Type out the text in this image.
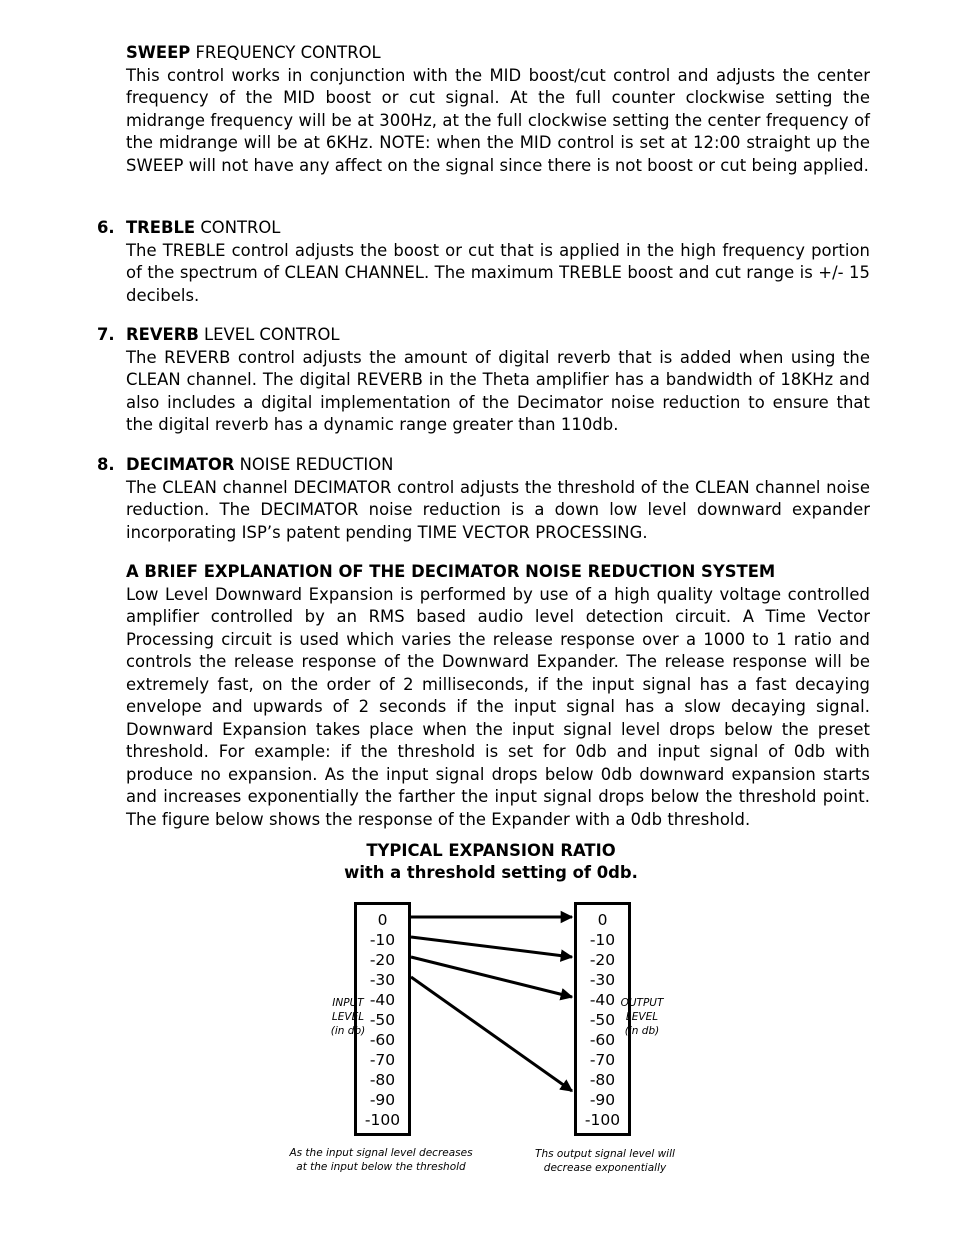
SWEEP FREQUENCY CONTROL
This control works in conjunction with the MID boost/cut control and adjusts the center frequency of the MID boost or cut signal. At the full counter clockwise setting the midrange frequency will be at 300Hz, at the full clockwise setting the center frequency of the midrange will be at 6KHz. NOTE: when the MID control is set at 12:00 straight up the SWEEP will not have any affect on the signal since there is not boost or cut being applied.
6. TREBLE CONTROL
The TREBLE control adjusts the boost or cut that is applied in the high frequency portion of the spectrum of CLEAN CHANNEL. The maximum TREBLE boost and cut range is +/- 15 decibels.
7. REVERB LEVEL CONTROL
The REVERB control adjusts the amount of digital reverb that is added when using the CLEAN channel. The digital REVERB in the Theta amplifier has a bandwidth of 18KHz and also includes a digital implementation of the Decimator noise reduction to ensure that the digital reverb has a dynamic range greater than 110db.
8. DECIMATOR NOISE REDUCTION
The CLEAN channel DECIMATOR control adjusts the threshold of the CLEAN channel noise reduction. The DECIMATOR noise reduction is a down low level downward expander incorporating ISP’s patent pending TIME VECTOR PROCESSING.
A BRIEF EXPLANATION OF THE DECIMATOR NOISE REDUCTION SYSTEM
Low Level Downward Expansion is performed by use of a high quality voltage controlled amplifier controlled by an RMS based audio level detection circuit. A Time Vector Processing circuit is used which varies the release response over a 1000 to 1 ratio and controls the release response of the Downward Expander. The release response will be extremely fast, on the order of 2 milliseconds, if the input signal has a fast decaying envelope and upwards of 2 seconds if the input signal has a slow decaying signal. Downward Expansion takes place when the input signal level drops below the preset threshold. For example: if the threshold is set for 0db and input signal of 0db with produce no expansion. As the input signal drops below 0db downward expansion starts and increases exponentially the farther the input signal drops below the threshold point. The figure below shows the response of the Expander with a 0db threshold.
TYPICAL EXPANSION RATIO
with a threshold setting of 0db.
0
-10
-20
-30
-40
-50
-60
-70
-80
-90
-100
0
-10
-20
-30
-40
-50
-60
-70
-80
-90
-100
INPUT
LEVEL
(in db)
OUTPUT
LEVEL
(in db)
As the input signal level decreases
at the input below the threshold
Ths output signal level will
decrease exponentially
